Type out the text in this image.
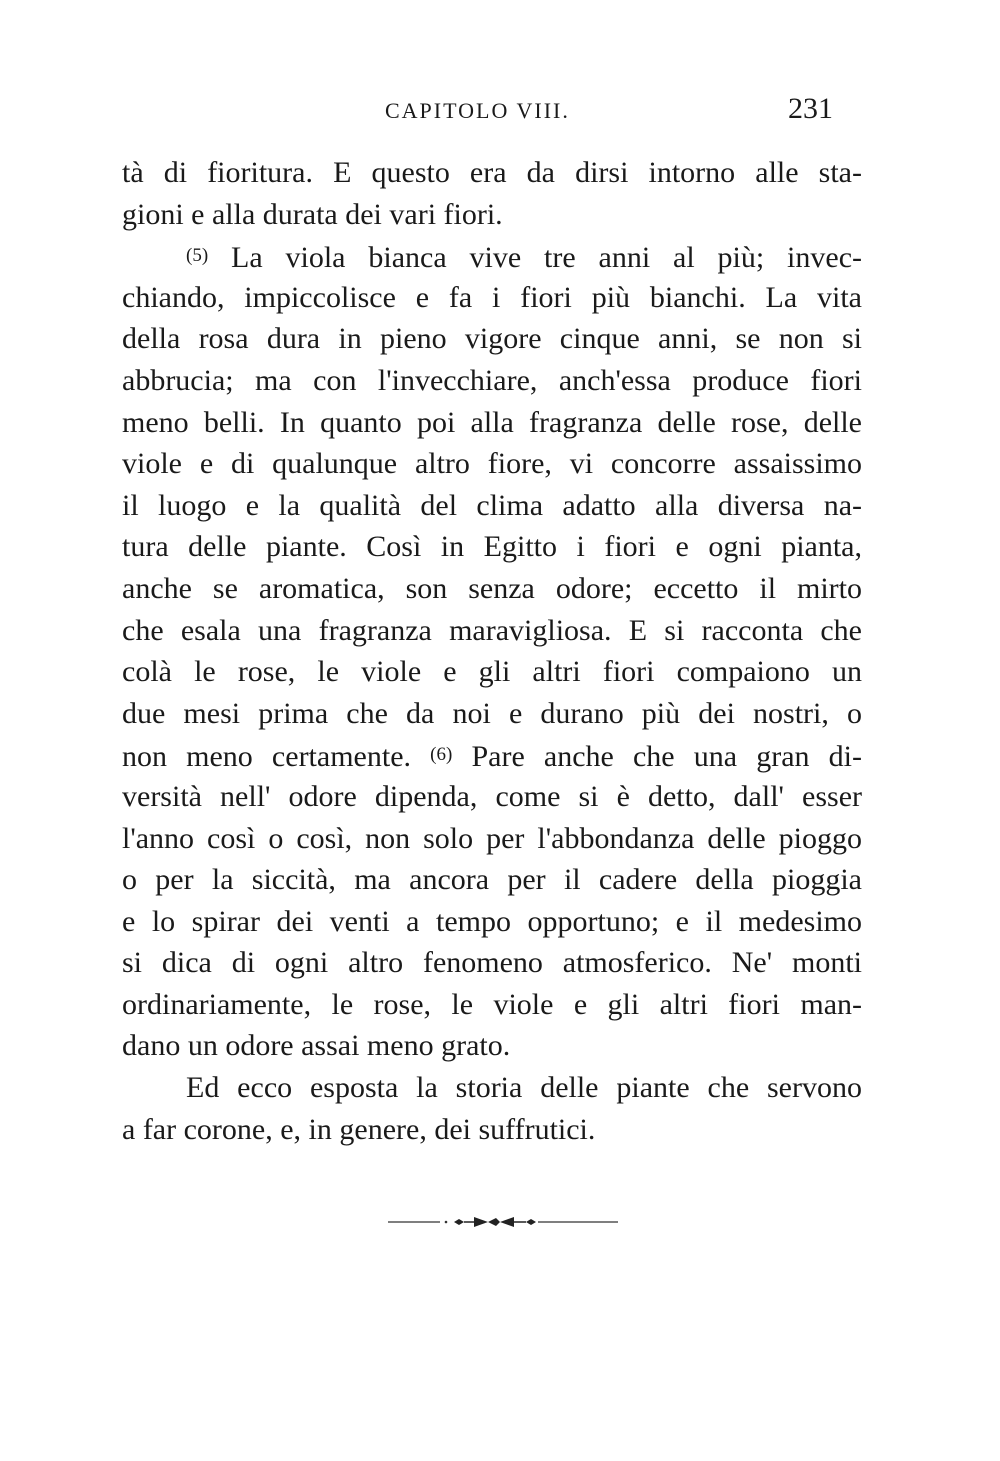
CAPITOLO VIII.	231
tà di fioritura. E questo era da dirsi intorno alle sta-
gioni e alla durata dei vari fiori.
$^{(5)}$ La viola bianca vive tre anni al più; invec-
chiando, impiccolisce e fa i fiori più bianchi. La vita
della rosa dura in pieno vigore cinque anni, se non si
abbrucia; ma con l'invecchiare, anch'essa produce fiori
meno belli. In quanto poi alla fragranza delle rose, delle
viole e di qualunque altro fiore, vi concorre assaissimo
il luogo e la qualità del clima adatto alla diversa na-
tura delle piante. Così in Egitto i fiori e ogni pianta,
anche se aromatica, son senza odore; eccetto il mirto
che esala una fragranza maravigliosa. E si racconta che
colà le rose, le viole e gli altri fiori compaiono un
due mesi prima che da noi e durano più dei nostri, o
non meno certamente. $^{(6)}$ Pare anche che una gran di-
versità nell' odore dipenda, come si è detto, dall' esser
l'anno così o così, non solo per l'abbondanza delle pioggo
o per la siccità, ma ancora per il cadere della pioggia
e lo spirar dei venti a tempo opportuno; e il medesimo
si dica di ogni altro fenomeno atmosferico. Ne' monti
ordinariamente, le rose, le viole e gli altri fiori man-
dano un odore assai meno grato.
Ed ecco esposta la storia delle piante che servono
a far corone, e, in genere, dei suffrutici.
